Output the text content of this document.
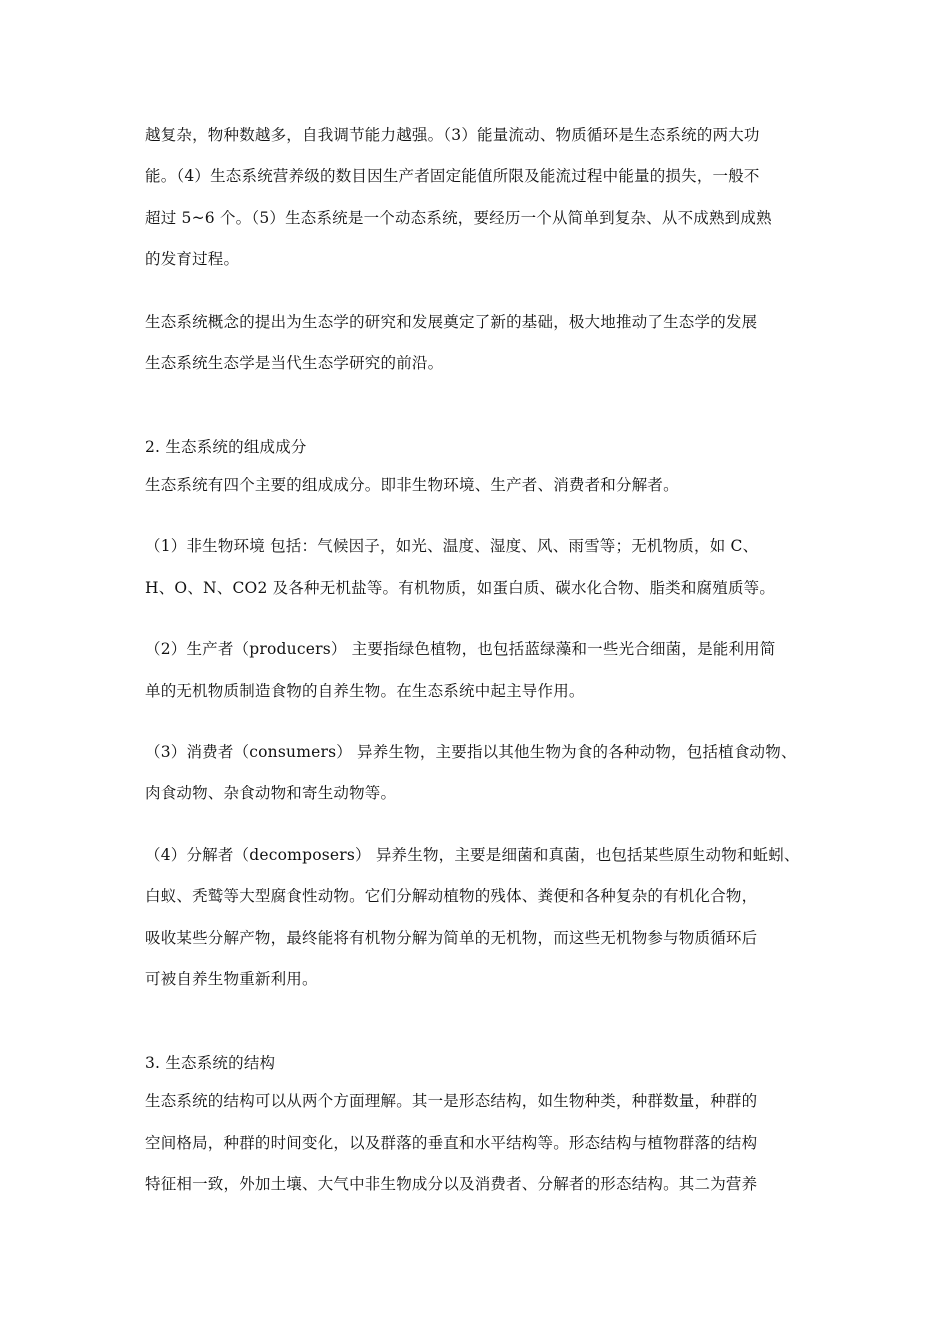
越复杂，物种数越多，自我调节能力越强。（3）能量流动、物质循环是生态系统的两大功
能。（4）生态系统营养级的数目因生产者固定能值所限及能流过程中能量的损失，一般不
超过 5~6 个。（5）生态系统是一个动态系统，要经历一个从简单到复杂、从不成熟到成熟
的发育过程。
生态系统概念的提出为生态学的研究和发展奠定了新的基础，极大地推动了生态学的发展
生态系统生态学是当代生态学研究的前沿。
2. 生态系统的组成成分
生态系统有四个主要的组成成分。即非生物环境、生产者、消费者和分解者。
（1）非生物环境 包括：气候因子，如光、温度、湿度、风、雨雪等；无机物质，如 C、
H、O、N、CO2 及各种无机盐等。有机物质，如蛋白质、碳水化合物、脂类和腐殖质等。
（2）生产者（producers） 主要指绿色植物，也包括蓝绿藻和一些光合细菌，是能利用简
单的无机物质制造食物的自养生物。在生态系统中起主导作用。
（3）消费者（consumers） 异养生物，主要指以其他生物为食的各种动物，包括植食动物、
肉食动物、杂食动物和寄生动物等。
（4）分解者（decomposers） 异养生物，主要是细菌和真菌，也包括某些原生动物和蚯蚓、
白蚁、秃鹫等大型腐食性动物。它们分解动植物的残体、粪便和各种复杂的有机化合物，
吸收某些分解产物，最终能将有机物分解为简单的无机物，而这些无机物参与物质循环后
可被自养生物重新利用。
3. 生态系统的结构
生态系统的结构可以从两个方面理解。其一是形态结构，如生物种类，种群数量，种群的
空间格局，种群的时间变化，以及群落的垂直和水平结构等。形态结构与植物群落的结构
特征相一致，外加土壤、大气中非生物成分以及消费者、分解者的形态结构。其二为营养
